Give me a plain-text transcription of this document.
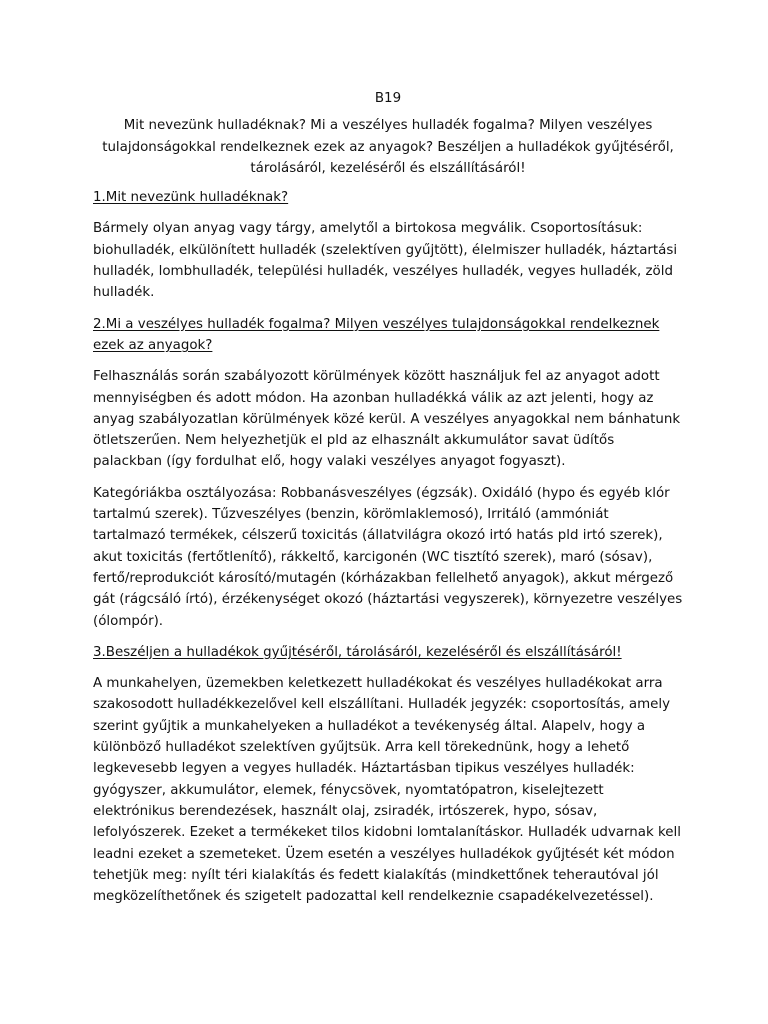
B19
Mit nevezünk hulladéknak? Mi a veszélyes hulladék fogalma? Milyen veszélyes tulajdonságokkal rendelkeznek ezek az anyagok? Beszéljen a hulladékok gyűjtéséről, tárolásáról, kezeléséről és elszállításáról!
1.Mit nevezünk hulladéknak?
Bármely olyan anyag vagy tárgy, amelytől a birtokosa megválik. Csoportosításuk: biohulladék, elkülönített hulladék (szelektíven gyűjtött), élelmiszer hulladék, háztartási hulladék, lombhulladék, települési hulladék, veszélyes hulladék, vegyes hulladék, zöld hulladék.
2.Mi a veszélyes hulladék fogalma? Milyen veszélyes tulajdonságokkal rendelkeznek ezek az anyagok?
Felhasználás során szabályozott körülmények között használjuk fel az anyagot adott mennyiségben és adott módon. Ha azonban hulladékká válik az azt jelenti, hogy az anyag szabályozatlan körülmények közé kerül. A veszélyes anyagokkal nem bánhatunk ötletszerűen. Nem helyezhetjük el pld az elhasznált akkumulátor savat üdítős palackban (így fordulhat elő, hogy valaki veszélyes anyagot fogyaszt).
Kategóriákba osztályozása: Robbanásveszélyes (égzsák). Oxidáló (hypo és egyéb klór tartalmú szerek). Tűzveszélyes (benzin, körömlaklemosó), Irritáló (ammóniát tartalmazó termékek, célszerű toxicitás (állatvilágra okozó irtó hatás pld irtó szerek), akut toxicitás (fertőtlenítő), rákkeltő, karcigonén (WC tisztító szerek), maró (sósav), fertő/reprodukciót károsító/mutagén (kórházakban fellelhető anyagok), akkut mérgező gát (rágcsáló írtó), érzékenységet okozó (háztartási vegyszerek), környezetre veszélyes (ólompór).
3.Beszéljen a hulladékok gyűjtéséről, tárolásáról, kezeléséről és elszállításáról!
A munkahelyen, üzemekben keletkezett hulladékokat és veszélyes hulladékokat arra szakosodott hulladékkezelővel kell elszállítani. Hulladék jegyzék: csoportosítás, amely szerint gyűjtik a munkahelyeken a hulladékot a tevékenység által. Alapelv, hogy a különböző hulladékot szelektíven gyűjtsük. Arra kell törekednünk, hogy a lehető legkevesebb legyen a vegyes hulladék. Háztartásban tipikus veszélyes hulladék: gyógyszer, akkumulátor, elemek, fénycsövek, nyomtatópatron, kiselejtezett elektrónikus berendezések, használt olaj, zsiradék, irtószerek, hypo, sósav, lefolyószerek. Ezeket a termékeket tilos kidobni lomtalanításkor. Hulladék udvarnak kell leadni ezeket a szemeteket. Üzem esetén a veszélyes hulladékok gyűjtését két módon tehetjük meg: nyílt téri kialakítás és fedett kialakítás (mindkettőnek teherautóval jól megközelíthetőnek és szigetelt padozattal kell rendelkeznie csapadékelvezetéssel).
